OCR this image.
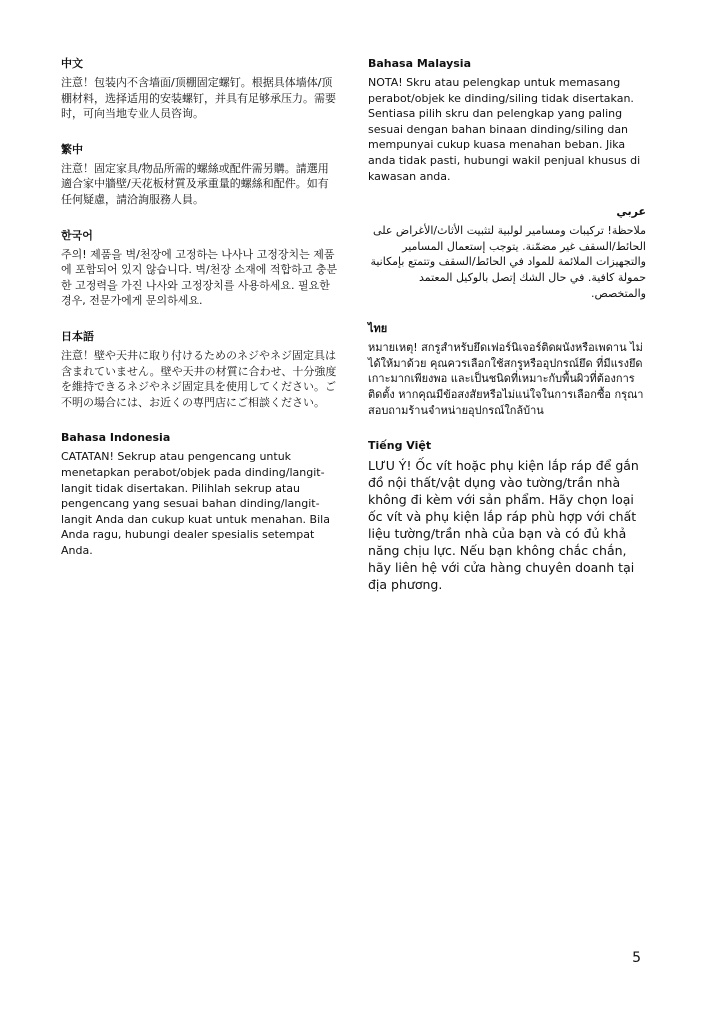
中文

注意！包装内不含墙面/顶棚固定螺钉。根据具体墙体/顶棚材料，选择适用的安装螺钉，并具有足够承压力。需要时，可向当地专业人员咨询。

繁中

注意！固定家具/物品所需的螺絲或配件需另購。請選用適合家中牆壁/天花板材質及承重量的螺絲和配件。如有任何疑慮，請洽詢服務人員。

한국어

주의! 제품을 벽/천장에 고정하는 나사나 고정장치는 제품에 포함되어 있지 않습니다. 벽/천장 소재에 적합하고 충분한 고정력을 가진 나사와 고정장치를 사용하세요. 필요한 경우, 전문가에게 문의하세요.

日本語

注意！壁や天井に取り付けるためのネジやネジ固定具は含まれていません。壁や天井の材質に合わせ、十分強度を維持できるネジやネジ固定具を使用してください。ご不明の場合には、お近くの専門店にご相談ください。

Bahasa Indonesia

CATATAN! Sekrup atau pengencang untuk menetapkan perabot/objek pada dinding/langit-langit tidak disertakan. Pilihlah sekrup atau pengencang yang sesuai bahan dinding/langit-langit Anda dan cukup kuat untuk menahan. Bila Anda ragu, hubungi dealer spesialis setempat Anda.

Bahasa Malaysia

NOTA! Skru atau pelengkap untuk memasang perabot/objek ke dinding/siling tidak disertakan. Sentiasa pilih skru dan pelengkap yang paling sesuai dengan bahan binaan dinding/siling dan mempunyai cukup kuasa menahan beban. Jika anda tidak pasti, hubungi wakil penjual khusus di kawasan anda.

عربي

ملاحظة! تركيبات ومسامير لولبية لتثبيت الأثاث/الأغراض على الحائط/السقف غير مضمّنة. يتوجب إستعمال المسامير والتجهيزات الملائمة للمواد في الحائط/السقف وتتمتع بإمكانية حمولة كافية. في حال الشك إتصل بالوكيل المعتمد والمتخصص.

ไทย

หมายเหตุ! สกรูสำหรับยึดเฟอร์นิเจอร์ติดผนังหรือเพดาน ไม่ได้ให้มาด้วย คุณควรเลือกใช้สกรูหรืออุปกรณ์ยึด ที่มีแรงยึดเกาะมากเพียงพอ และเป็นชนิดที่เหมาะกับพื้นผิวที่ต้องการติดตั้ง หากคุณมีข้อสงสัยหรือไม่แน่ใจในการเลือกซื้อ กรุณาสอบถามร้านจำหน่ายอุปกรณ์ใกล้บ้าน

Tiếng Việt

LƯU Ý! Ốc vít hoặc phụ kiện lắp ráp để gắn đồ nội thất/vật dụng vào tường/trần nhà không đi kèm với sản phẩm. Hãy chọn loại ốc vít và phụ kiện lắp ráp phù hợp với chất liệu tường/trần nhà của bạn và có đủ khả năng chịu lực. Nếu bạn không chắc chắn, hãy liên hệ với cửa hàng chuyên doanh tại địa phương.

5
